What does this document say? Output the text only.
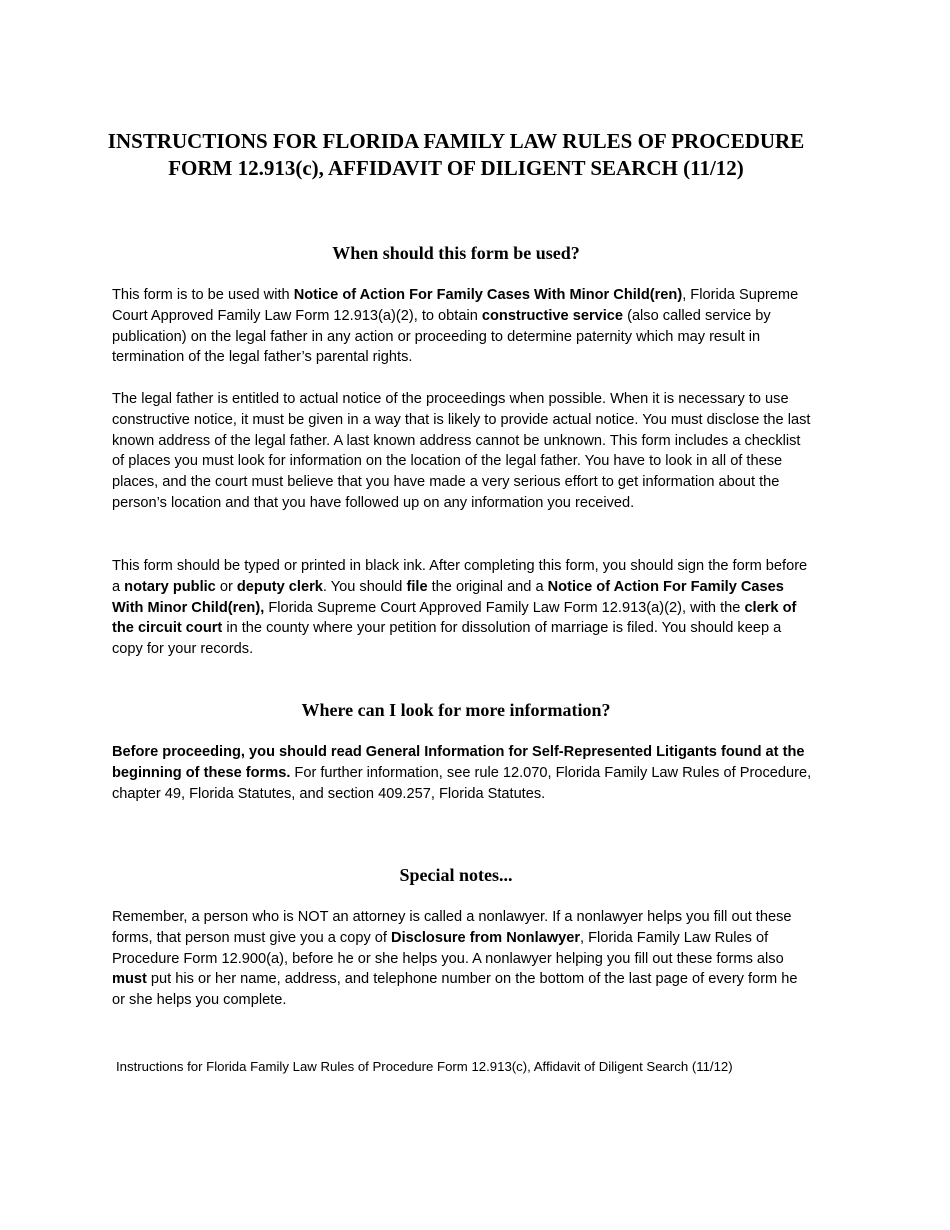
INSTRUCTIONS FOR FLORIDA FAMILY LAW RULES OF PROCEDURE
FORM 12.913(c), AFFIDAVIT OF DILIGENT SEARCH (11/12)
When should this form be used?

This form is to be used with Notice of Action For Family Cases With Minor Child(ren), Florida Supreme Court Approved Family Law Form 12.913(a)(2), to obtain constructive service (also called service by publication) on the legal father in any action or proceeding to determine paternity which may result in termination of the legal father’s parental rights.

The legal father is entitled to actual notice of the proceedings when possible. When it is necessary to use constructive notice, it must be given in a way that is likely to provide actual notice. You must disclose the last known address of the legal father. A last known address cannot be unknown. This form includes a checklist of places you must look for information on the location of the legal father. You have to look in all of these places, and the court must believe that you have made a very serious effort to get information about the person’s location and that you have followed up on any information you received.

This form should be typed or printed in black ink. After completing this form, you should sign the form before a notary public or deputy clerk. You should file the original and a Notice of Action For Family Cases With Minor Child(ren), Florida Supreme Court Approved Family Law Form 12.913(a)(2), with the clerk of the circuit court in the county where your petition for dissolution of marriage is filed. You should keep a copy for your records.

Where can I look for more information?

Before proceeding, you should read General Information for Self-Represented Litigants found at the beginning of these forms. For further information, see rule 12.070, Florida Family Law Rules of Procedure, chapter 49, Florida Statutes, and section 409.257, Florida Statutes.

Special notes...

Remember, a person who is NOT an attorney is called a nonlawyer. If a nonlawyer helps you fill out these forms, that person must give you a copy of Disclosure from Nonlawyer, Florida Family Law Rules of Procedure Form 12.900(a), before he or she helps you. A nonlawyer helping you fill out these forms also must put his or her name, address, and telephone number on the bottom of the last page of every form he or she helps you complete.

Instructions for Florida Family Law Rules of Procedure Form 12.913(c), Affidavit of Diligent Search (11/12)
